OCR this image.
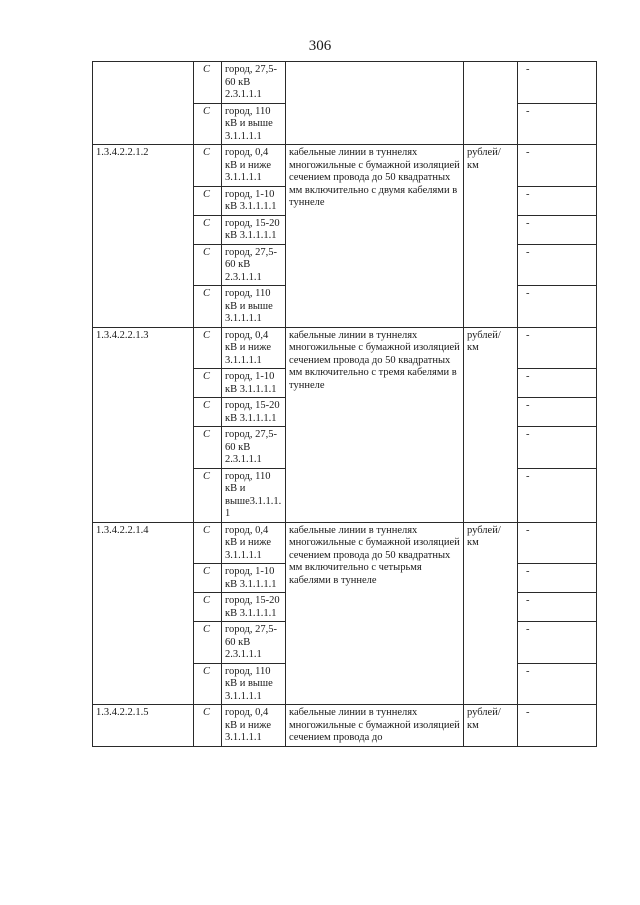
306
	С	город, 27,5-60 кВ 2.3.1.1.1			-
	С	город, 110 кВ и выше 3.1.1.1.1			-
1.3.4.2.2.1.2	С	город, 0,4 кВ и ниже 3.1.1.1.1	кабельные линии в туннелях многожильные с бумажной изоляцией сечением провода до 50 квадратных мм включительно с двумя кабелями в туннеле	рублей/ км	-
	С	город, 1-10 кВ 3.1.1.1.1			-
	С	город, 15-20 кВ 3.1.1.1.1			-
	С	город, 27,5-60 кВ 2.3.1.1.1			-
	С	город, 110 кВ и выше 3.1.1.1.1			-
1.3.4.2.2.1.3	С	город, 0,4 кВ и ниже 3.1.1.1.1	кабельные линии в туннелях многожильные с бумажной изоляцией сечением провода до 50 квадратных мм включительно с тремя кабелями в туннеле	рублей/ км	-
	С	город, 1-10 кВ 3.1.1.1.1			-
	С	город, 15-20 кВ 3.1.1.1.1			-
	С	город, 27,5-60 кВ 2.3.1.1.1			-
	С	город, 110 кВ и выше3.1.1.1.1			-
1.3.4.2.2.1.4	С	город, 0,4 кВ и ниже 3.1.1.1.1	кабельные линии в туннелях многожильные с бумажной изоляцией сечением провода до 50 квадратных мм включительно с четырьмя кабелями в туннеле	рублей/ км	-
	С	город, 1-10 кВ 3.1.1.1.1			-
	С	город, 15-20 кВ 3.1.1.1.1			-
	С	город, 27,5-60 кВ 2.3.1.1.1			-
	С	город, 110 кВ и выше 3.1.1.1.1			-
1.3.4.2.2.1.5	С	город, 0,4 кВ и ниже 3.1.1.1.1	кабельные линии в туннелях многожильные с бумажной изоляцией сечением провода до	рублей/ км	-
